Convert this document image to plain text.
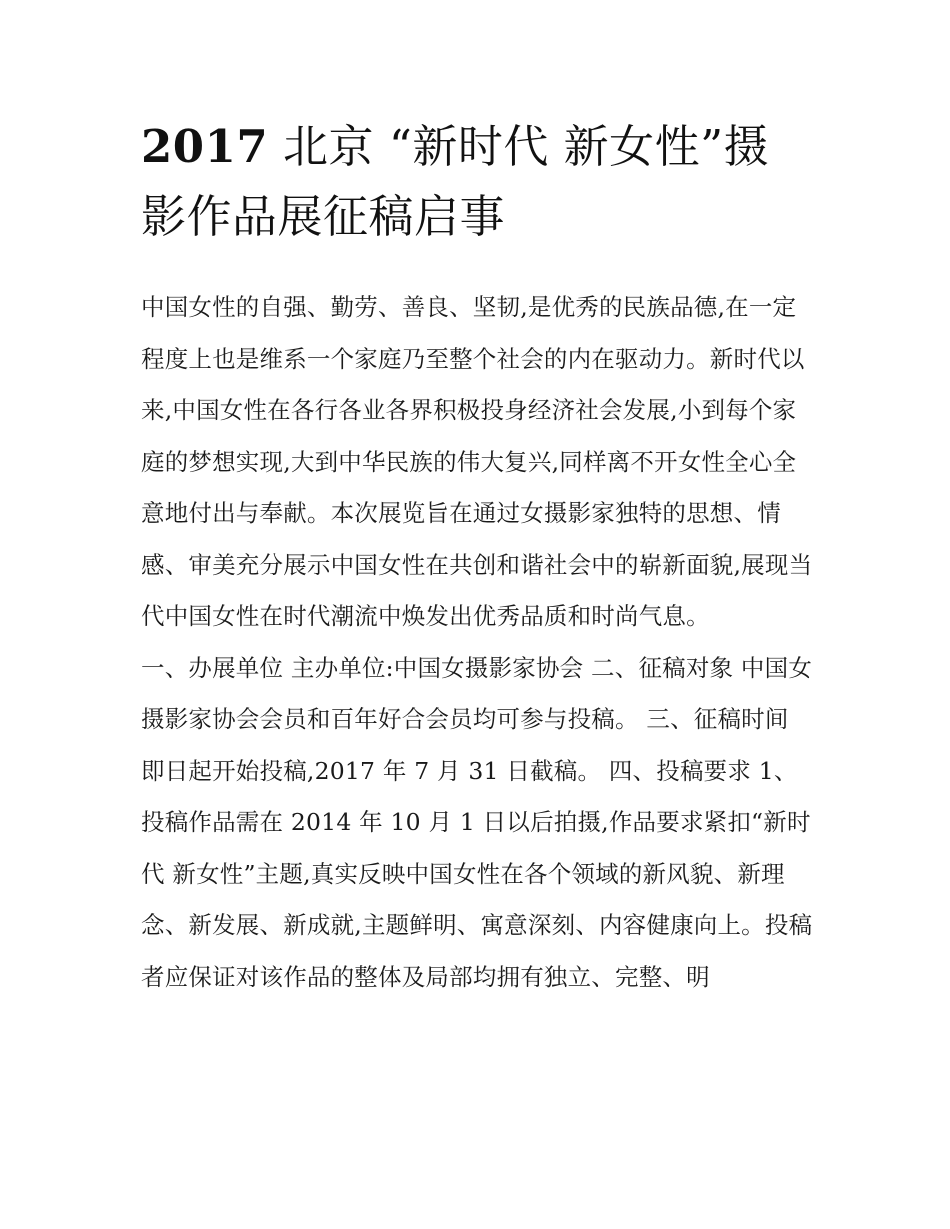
2017 北京 “新时代 新女性”摄影作品展征稿启事

中国女性的自强、勤劳、善良、坚韧,是优秀的民族品德,在一定程度上也是维系一个家庭乃至整个社会的内在驱动力。新时代以来,中国女性在各行各业各界积极投身经济社会发展,小到每个家庭的梦想实现,大到中华民族的伟大复兴,同样离不开女性全心全意地付出与奉献。本次展览旨在通过女摄影家独特的思想、情感、审美充分展示中国女性在共创和谐社会中的崭新面貌,展现当代中国女性在时代潮流中焕发出优秀品质和时尚气息。

一、办展单位 主办单位:中国女摄影家协会 二、征稿对象 中国女摄影家协会会员和百年好合会员均可参与投稿。 三、征稿时间

即日起开始投稿,2017 年 7 月 31 日截稿。 四、投稿要求 1、投稿作品需在 2014 年 10 月 1 日以后拍摄,作品要求紧扣“新时代 新女性”主题,真实反映中国女性在各个领域的新风貌、新理念、新发展、新成就,主题鲜明、寓意深刻、内容健康向上。投稿者应保证对该作品的整体及局部均拥有独立、完整、明
